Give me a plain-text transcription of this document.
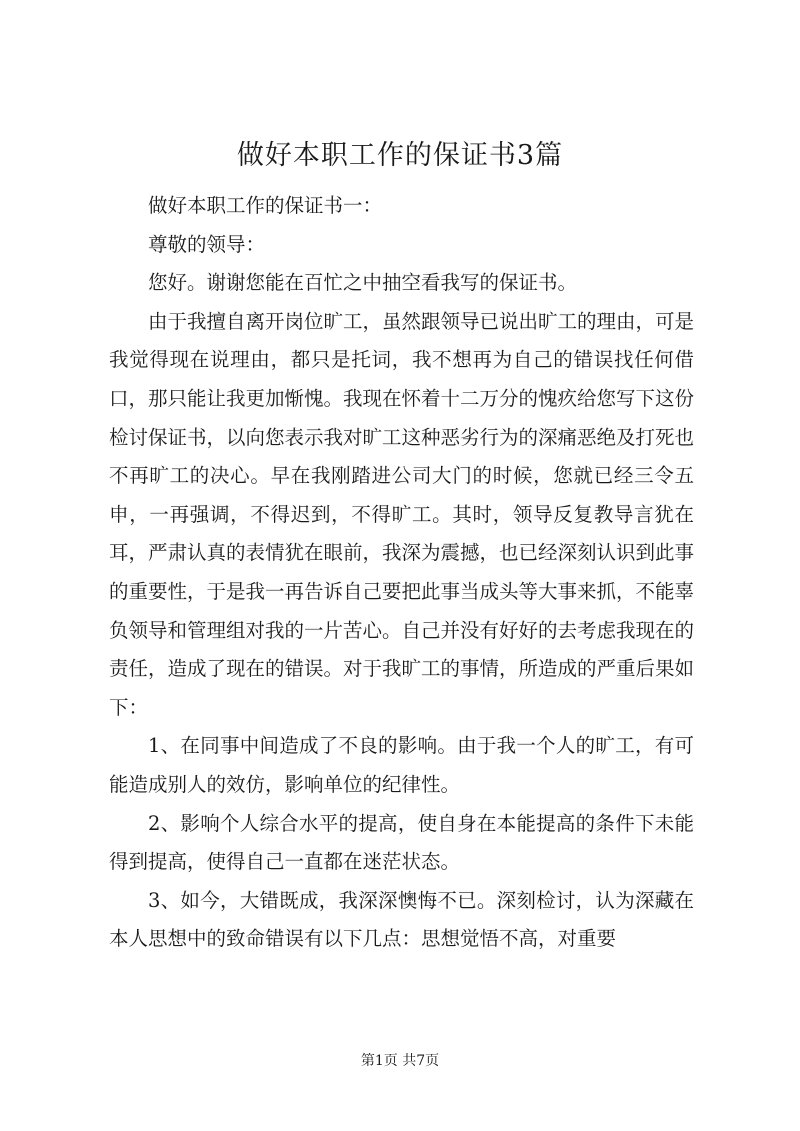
做好本职工作的保证书3篇

做好本职工作的保证书一：

尊敬的领导：

您好。谢谢您能在百忙之中抽空看我写的保证书。

由于我擅自离开岗位旷工，虽然跟领导已说出旷工的理由，可是我觉得现在说理由，都只是托词，我不想再为自己的错误找任何借口，那只能让我更加惭愧。我现在怀着十二万分的愧疚给您写下这份检讨保证书，以向您表示我对旷工这种恶劣行为的深痛恶绝及打死也不再旷工的决心。早在我刚踏进公司大门的时候，您就已经三令五申，一再强调，不得迟到，不得旷工。其时，领导反复教导言犹在耳，严肃认真的表情犹在眼前，我深为震撼，也已经深刻认识到此事的重要性，于是我一再告诉自己要把此事当成头等大事来抓，不能辜负领导和管理组对我的一片苦心。自己并没有好好的去考虑我现在的责任，造成了现在的错误。对于我旷工的事情，所造成的严重后果如下：

1、在同事中间造成了不良的影响。由于我一个人的旷工，有可能造成别人的效仿，影响单位的纪律性。

2、影响个人综合水平的提高，使自身在本能提高的条件下未能得到提高，使得自己一直都在迷茫状态。

3、如今，大错既成，我深深懊悔不已。深刻检讨，认为深藏在本人思想中的致命错误有以下几点：思想觉悟不高，对重要

第1页 共7页
